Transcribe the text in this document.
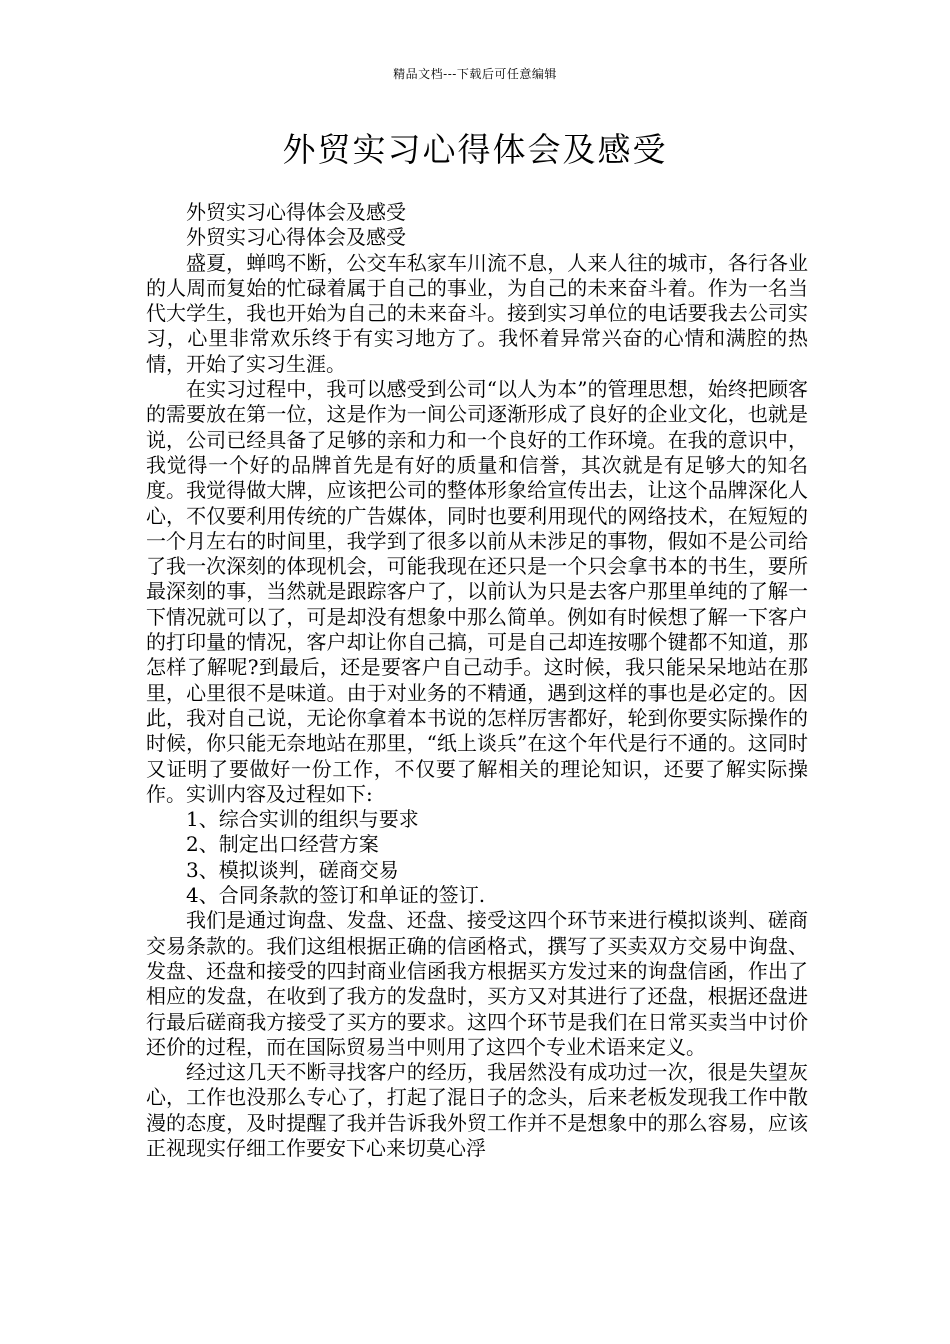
精品文档---下载后可任意编辑
外贸实习心得体会及感受

外贸实习心得体会及感受

外贸实习心得体会及感受

盛夏，蝉鸣不断，公交车私家车川流不息，人来人往的城市，各行各业的人周而复始的忙碌着属于自己的事业，为自己的未来奋斗着。作为一名当代大学生，我也开始为自己的未来奋斗。接到实习单位的电话要我去公司实习，心里非常欢乐终于有实习地方了。我怀着异常兴奋的心情和满腔的热情，开始了实习生涯。

在实习过程中，我可以感受到公司“以人为本”的管理思想，始终把顾客的需要放在第一位，这是作为一间公司逐渐形成了良好的企业文化，也就是说，公司已经具备了足够的亲和力和一个良好的工作环境。在我的意识中，我觉得一个好的品牌首先是有好的质量和信誉，其次就是有足够大的知名度。我觉得做大牌，应该把公司的整体形象给宣传出去，让这个品牌深化人心，不仅要利用传统的广告媒体，同时也要利用现代的网络技术，在短短的一个月左右的时间里，我学到了很多以前从未涉足的事物，假如不是公司给了我一次深刻的体现机会，可能我现在还只是一个只会拿书本的书生，要所最深刻的事，当然就是跟踪客户了，以前认为只是去客户那里单纯的了解一下情况就可以了，可是却没有想象中那么简单。例如有时候想了解一下客户的打印量的情况，客户却让你自己搞，可是自己却连按哪个键都不知道，那怎样了解呢?到最后，还是要客户自己动手。这时候，我只能呆呆地站在那里，心里很不是味道。由于对业务的不精通，遇到这样的事也是必定的。因此，我对自己说，无论你拿着本书说的怎样厉害都好，轮到你要实际操作的时候，你只能无奈地站在那里，“纸上谈兵”在这个年代是行不通的。这同时又证明了要做好一份工作，不仅要了解相关的理论知识，还要了解实际操作。实训内容及过程如下:

1、综合实训的组织与要求

2、制定出口经营方案

3、模拟谈判，磋商交易

4、合同条款的签订和单证的签订.

我们是通过询盘、发盘、还盘、接受这四个环节来进行模拟谈判、磋商交易条款的。我们这组根据正确的信函格式，撰写了买卖双方交易中询盘、发盘、还盘和接受的四封商业信函我方根据买方发过来的询盘信函，作出了相应的发盘，在收到了我方的发盘时，买方又对其进行了还盘，根据还盘进行最后磋商我方接受了买方的要求。这四个环节是我们在日常买卖当中讨价还价的过程，而在国际贸易当中则用了这四个专业术语来定义。

经过这几天不断寻找客户的经历，我居然没有成功过一次，很是失望灰心，工作也没那么专心了，打起了混日子的念头，后来老板发现我工作中散漫的态度，及时提醒了我并告诉我外贸工作并不是想象中的那么容易，应该正视现实仔细工作要安下心来切莫心浮
